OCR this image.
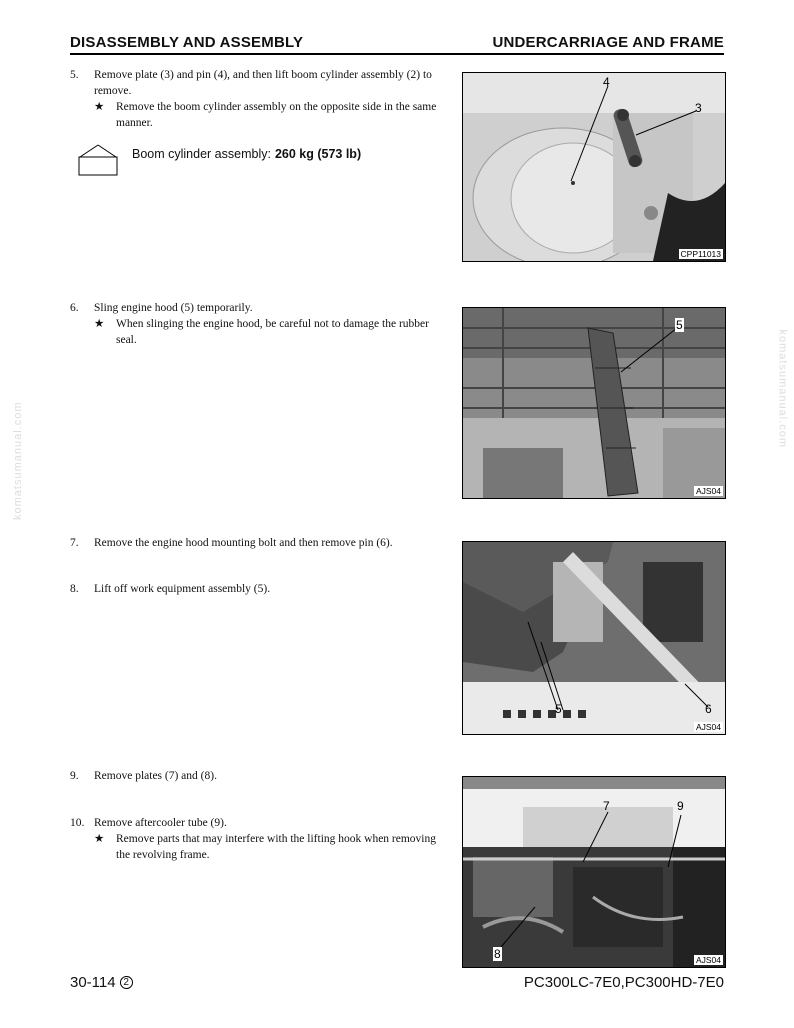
DISASSEMBLY AND ASSEMBLY	UNDERCARRIAGE AND FRAME
komatsumanual.com
komatsumanual.com
5. Remove plate (3) and pin (4), and then lift boom cylinder assembly (2) to remove.
★ Remove the boom cylinder assembly on the opposite side in the same manner.
Boom cylinder assembly: 260 kg (573 lb)
6. Sling engine hood (5) temporarily.
★ When slinging the engine hood, be careful not to damage the rubber seal.
7. Remove the engine hood mounting bolt and then remove pin (6).
8. Lift off work equipment assembly (5).
9. Remove plates (7) and (8).
10. Remove aftercooler tube (9).
★ Remove parts that may interfere with the lifting hook when removing the revolving frame.
4
3
CPP11013
5
AJS04
5	6
AJS04
7	9
8	AJS04
30-114 2	PC300LC-7E0,PC300HD-7E0
